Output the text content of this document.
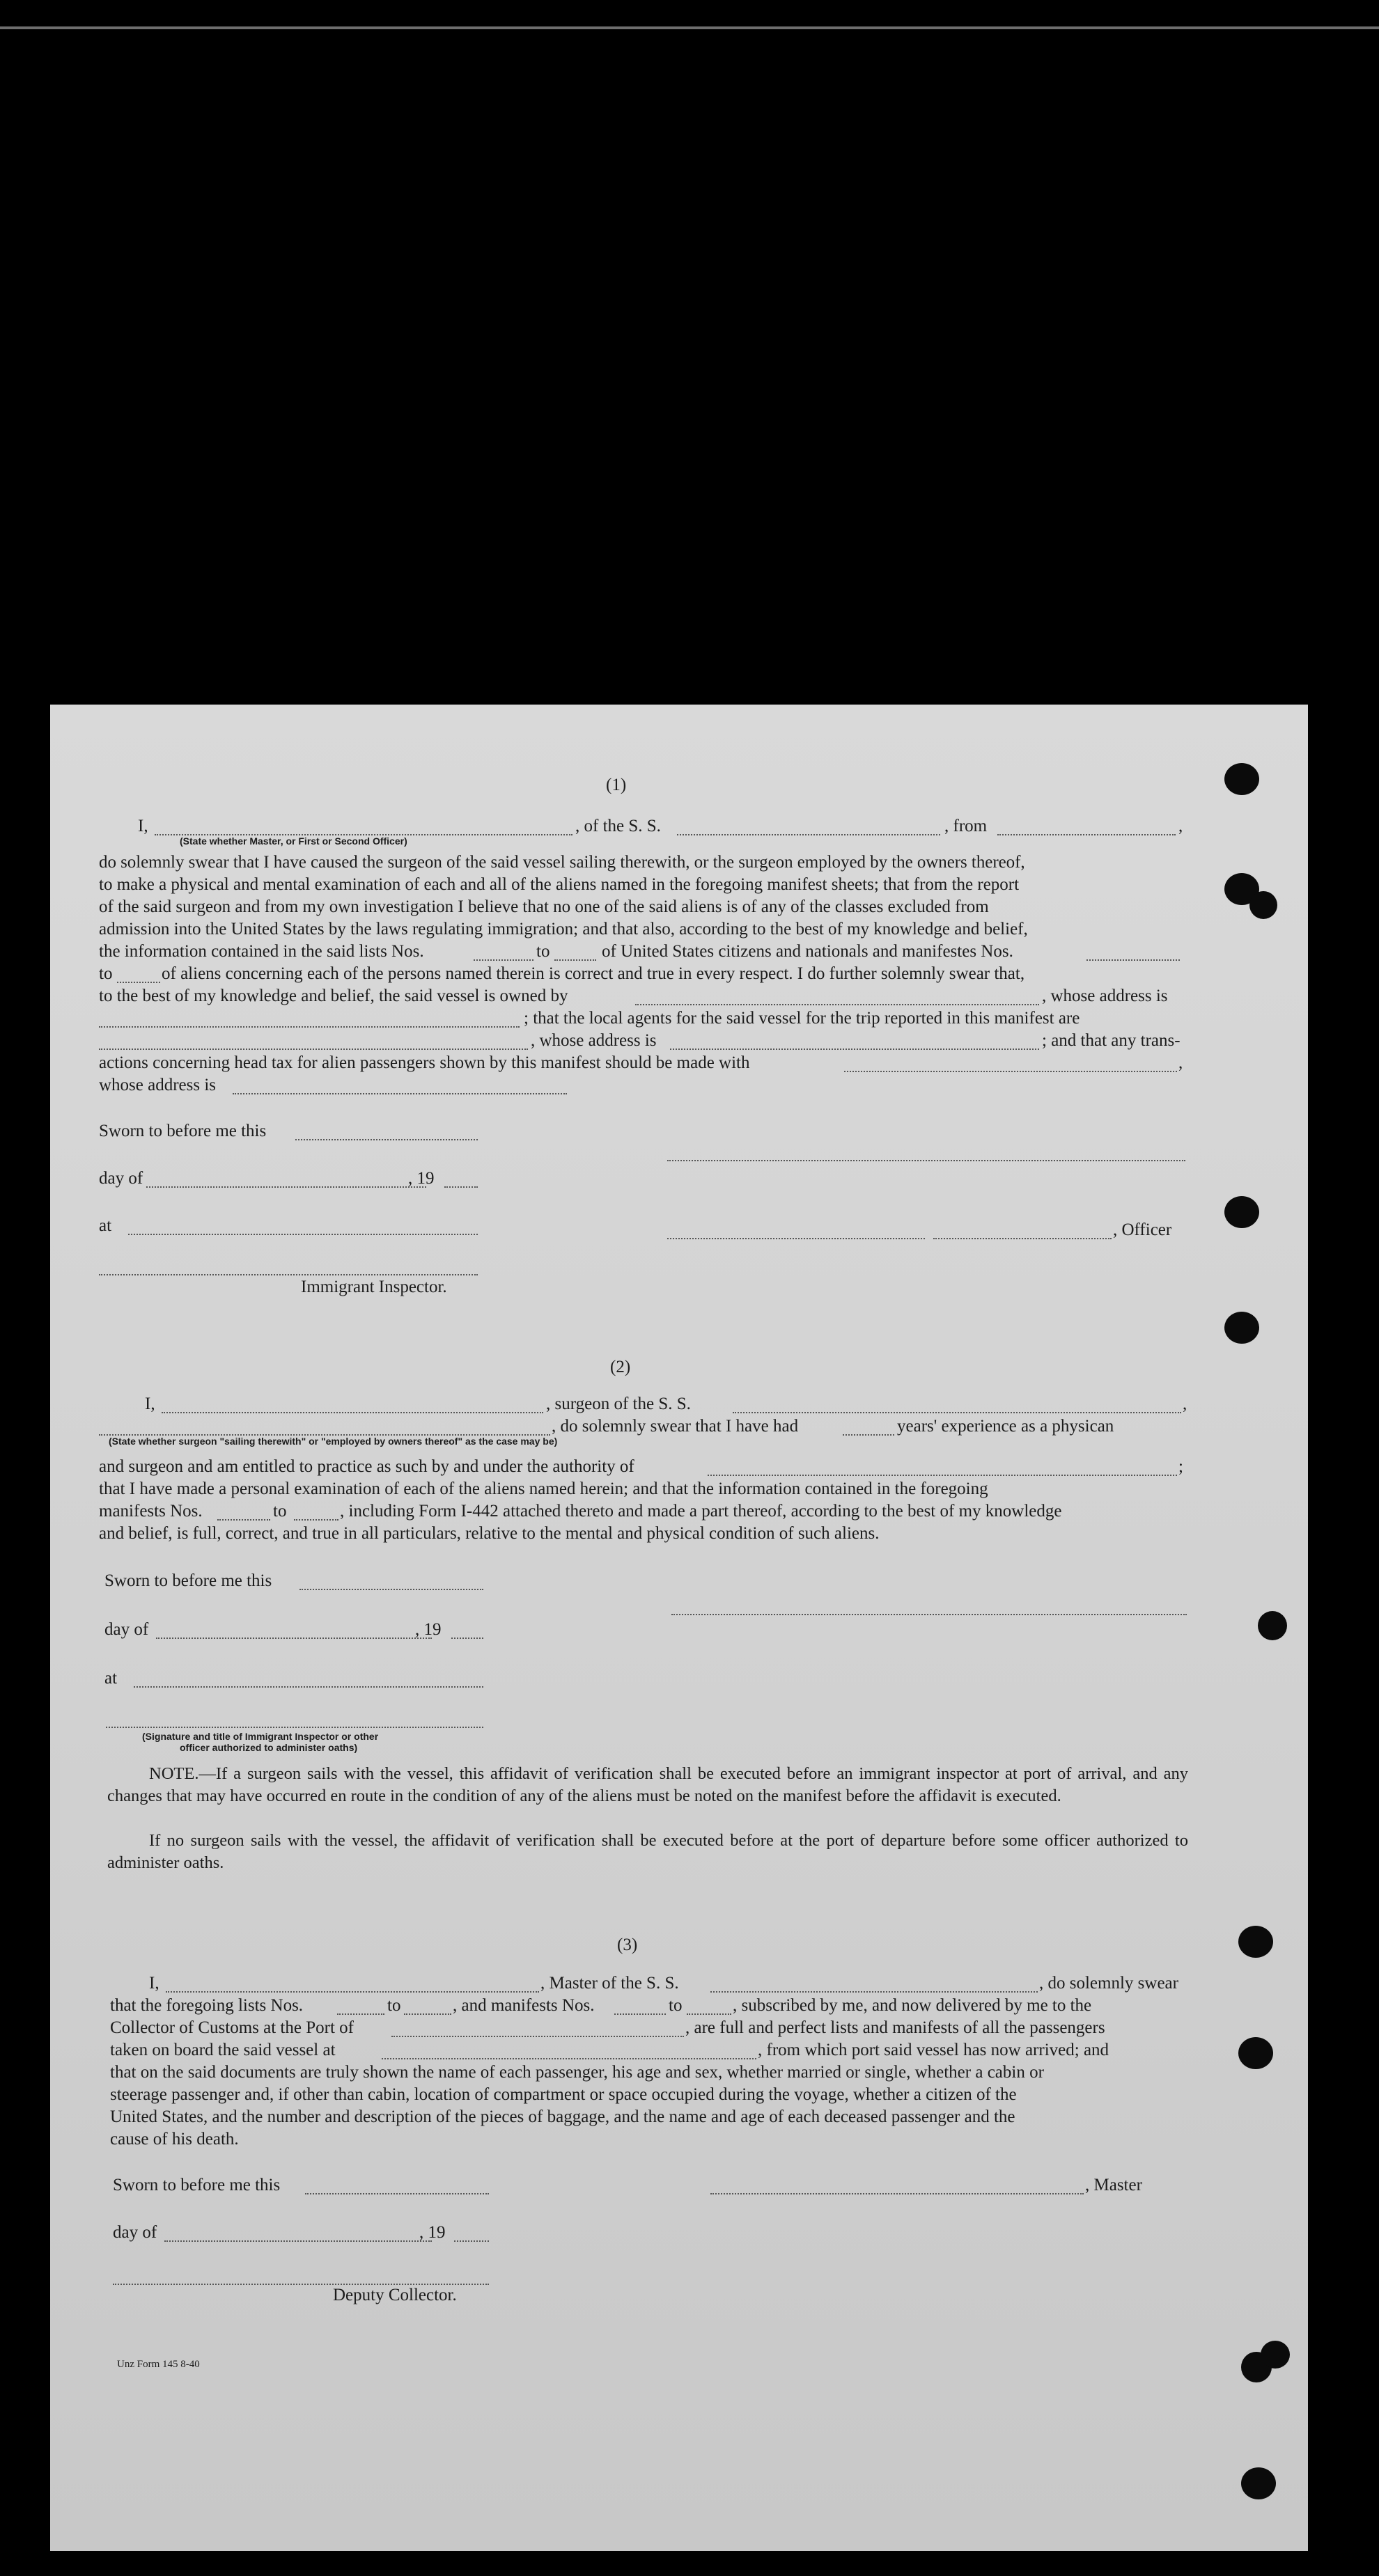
(1)
I,	, of the S. S.	, from	,
(State whether Master, or First or Second Officer)
do solemnly swear that I have caused the surgeon of the said vessel sailing therewith, or the surgeon employed by the owners thereof,
to make a physical and mental examination of each and all of the aliens named in the foregoing manifest sheets; that from the report
of the said surgeon and from my own investigation I believe that no one of the said aliens is of any of the classes excluded from
admission into the United States by the laws regulating immigration; and that also, according to the best of my knowledge and belief,
the information contained in the said lists Nos.	to	of United States citizens and nationals and manifestes Nos.
to	of aliens concerning each of the persons named therein is correct and true in every respect. I do further solemnly swear that,
to the best of my knowledge and belief, the said vessel is owned by	, whose address is
; that the local agents for the said vessel for the trip reported in this manifest are
, whose address is	; and that any trans-
actions concerning head tax for alien passengers shown by this manifest should be made with	,
whose address is
Sworn to before me this
day of	, 19
at	, Officer
Immigrant Inspector.
(2)
I,	, surgeon of the S. S.	,
, do solemnly swear that I have had	years' experience as a physican
(State whether surgeon "sailing therewith" or "employed by owners thereof" as the case may be)
and surgeon and am entitled to practice as such by and under the authority of	;
that I have made a personal examination of each of the aliens named herein; and that the information contained in the foregoing
manifests Nos.	to	, including Form I-442 attached thereto and made a part thereof, according to the best of my knowledge
and belief, is full, correct, and true in all particulars, relative to the mental and physical condition of such aliens.
Sworn to before me this
day of	, 19
at
(Signature and title of Immigrant Inspector or other
officer authorized to administer oaths)
NOTE.—If a surgeon sails with the vessel, this affidavit of verification shall be executed before an immigrant inspector at port of arrival, and any changes that may have occurred en route in the condition of any of the aliens must be noted on the manifest before the affidavit is executed.
If no surgeon sails with the vessel, the affidavit of verification shall be executed before at the port of departure before some officer authorized to administer oaths.
(3)
I,	, Master of the S. S.	, do solemnly swear
that the foregoing lists Nos.	to	, and manifests Nos.	to	, subscribed by me, and now delivered by me to the
Collector of Customs at the Port of	, are full and perfect lists and manifests of all the passengers
taken on board the said vessel at	, from which port said vessel has now arrived; and
that on the said documents are truly shown the name of each passenger, his age and sex, whether married or single, whether a cabin or
steerage passenger and, if other than cabin, location of compartment or space occupied during the voyage, whether a citizen of the
United States, and the number and description of the pieces of baggage, and the name and age of each deceased passenger and the
cause of his death.
Sworn to before me this	, Master
day of	, 19
Deputy Collector.
Unz Form 145 8-40
